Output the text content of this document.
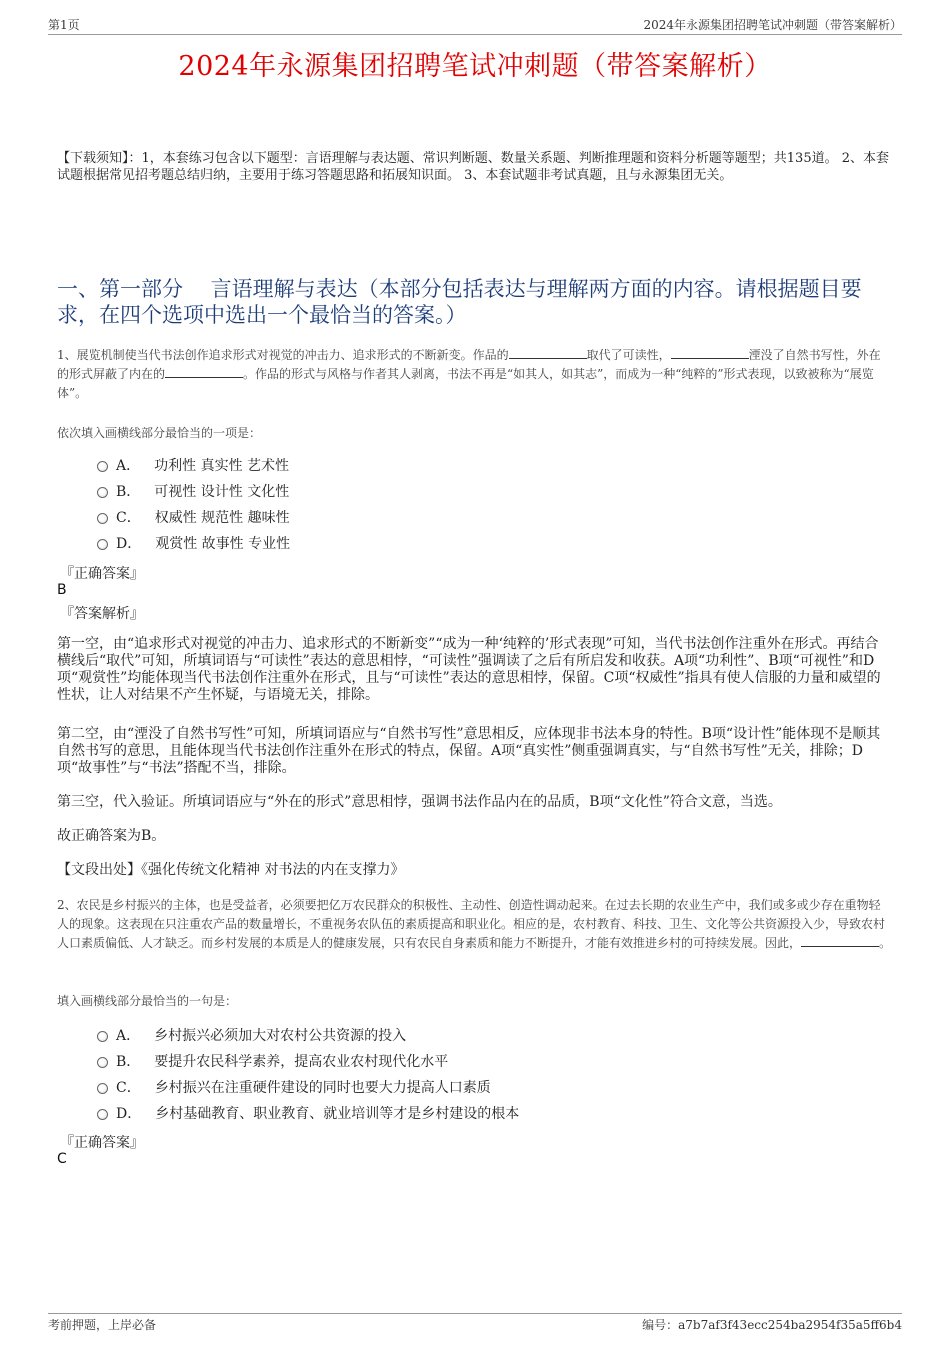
第1页	2024年永源集团招聘笔试冲刺题（带答案解析）
2024年永源集团招聘笔试冲刺题（带答案解析）
【下载须知】：1，本套练习包含以下题型：言语理解与表达题、常识判断题、数量关系题、判断推理题和资料分析题等题型；共135道。 2、本套试题根据常见招考题总结归纳，主要用于练习答题思路和拓展知识面。 3、本套试题非考试真题，且与永源集团无关。
一、第一部分　 言语理解与表达（本部分包括表达与理解两方面的内容。请根据题目要求，在四个选项中选出一个最恰当的答案。）
1、展览机制使当代书法创作追求形式对视觉的冲击力、追求形式的不断新变。作品的	取代了可读性，	湮没了自然书写性，外在的形式屏蔽了内在的	。作品的形式与风格与作者其人剥离，书法不再是“如其人，如其志”，而成为一种“纯粹的”形式表现，以致被称为“展览体”。
依次填入画横线部分最恰当的一项是：
A． 功利性 真实性 艺术性
B． 可视性 设计性 文化性
C． 权威性 规范性 趣味性
D． 观赏性 故事性 专业性
『正确答案』
B
『答案解析』
第一空，由“追求形式对视觉的冲击力、追求形式的不断新变”“成为一种‘纯粹的’形式表现”可知，当代书法创作注重外在形式。再结合横线后“取代”可知，所填词语与“可读性”表达的意思相悖，“可读性”强调读了之后有所启发和收获。A项“功利性”、B项“可视性”和D项“观赏性”均能体现当代书法创作注重外在形式，且与“可读性”表达的意思相悖，保留。C项“权威性”指具有使人信服的力量和威望的性状，让人对结果不产生怀疑，与语境无关，排除。
第二空，由“湮没了自然书写性”可知，所填词语应与“自然书写性”意思相反，应体现非书法本身的特性。B项“设计性”能体现不是顺其自然书写的意思，且能体现当代书法创作注重外在形式的特点，保留。A项“真实性”侧重强调真实，与“自然书写性”无关，排除；D项“故事性”与“书法”搭配不当，排除。
第三空，代入验证。所填词语应与“外在的形式”意思相悖，强调书法作品内在的品质，B项“文化性”符合文意，当选。
故正确答案为B。
【文段出处】《强化传统文化精神 对书法的内在支撑力》
2、农民是乡村振兴的主体，也是受益者，必须要把亿万农民群众的积极性、主动性、创造性调动起来。在过去长期的农业生产中，我们或多或少存在重物轻人的现象。这表现在只注重农产品的数量增长，不重视务农队伍的素质提高和职业化。相应的是，农村教育、科技、卫生、文化等公共资源投入少，导致农村人口素质偏低、人才缺乏。而乡村发展的本质是人的健康发展，只有农民自身素质和能力不断提升，才能有效推进乡村的可持续发展。因此，	。
填入画横线部分最恰当的一句是：
A． 乡村振兴必须加大对农村公共资源的投入
B． 要提升农民科学素养，提高农业农村现代化水平
C． 乡村振兴在注重硬件建设的同时也要大力提高人口素质
D． 乡村基础教育、职业教育、就业培训等才是乡村建设的根本
『正确答案』
C
考前押题，上岸必备	编号：a7b7af3f43ecc254ba2954f35a5ff6b4
